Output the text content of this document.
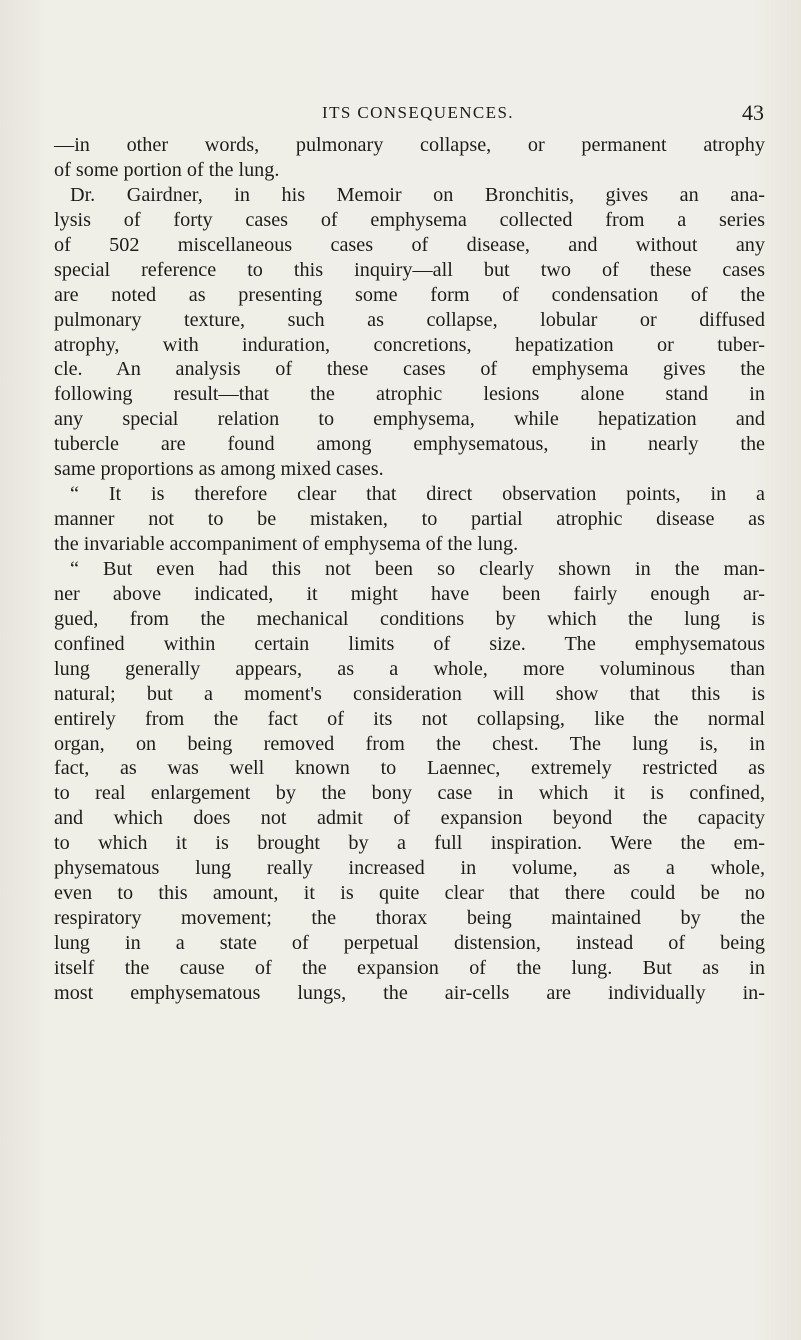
ITS CONSEQUENCES.	43
—in other words, pulmonary collapse, or permanent atrophy
of some portion of the lung.
Dr. Gairdner, in his Memoir on Bronchitis, gives an ana-
lysis of forty cases of emphysema collected from a series
of 502 miscellaneous cases of disease, and without any
special reference to this inquiry—all but two of these cases
are noted as presenting some form of condensation of the
pulmonary texture, such as collapse, lobular or diffused
atrophy, with induration, concretions, hepatization or tuber-
cle. An analysis of these cases of emphysema gives the
following result—that the atrophic lesions alone stand in
any special relation to emphysema, while hepatization and
tubercle are found among emphysematous, in nearly the
same proportions as among mixed cases.
“ It is therefore clear that direct observation points, in a
manner not to be mistaken, to partial atrophic disease as
the invariable accompaniment of emphysema of the lung.
“ But even had this not been so clearly shown in the man-
ner above indicated, it might have been fairly enough ar-
gued, from the mechanical conditions by which the lung is
confined within certain limits of size. The emphysematous
lung generally appears, as a whole, more voluminous than
natural; but a moment's consideration will show that this is
entirely from the fact of its not collapsing, like the normal
organ, on being removed from the chest. The lung is, in
fact, as was well known to Laennec, extremely restricted as
to real enlargement by the bony case in which it is confined,
and which does not admit of expansion beyond the capacity
to which it is brought by a full inspiration. Were the em-
physematous lung really increased in volume, as a whole,
even to this amount, it is quite clear that there could be no
respiratory movement; the thorax being maintained by the
lung in a state of perpetual distension, instead of being
itself the cause of the expansion of the lung. But as in
most emphysematous lungs, the air-cells are individually in-
